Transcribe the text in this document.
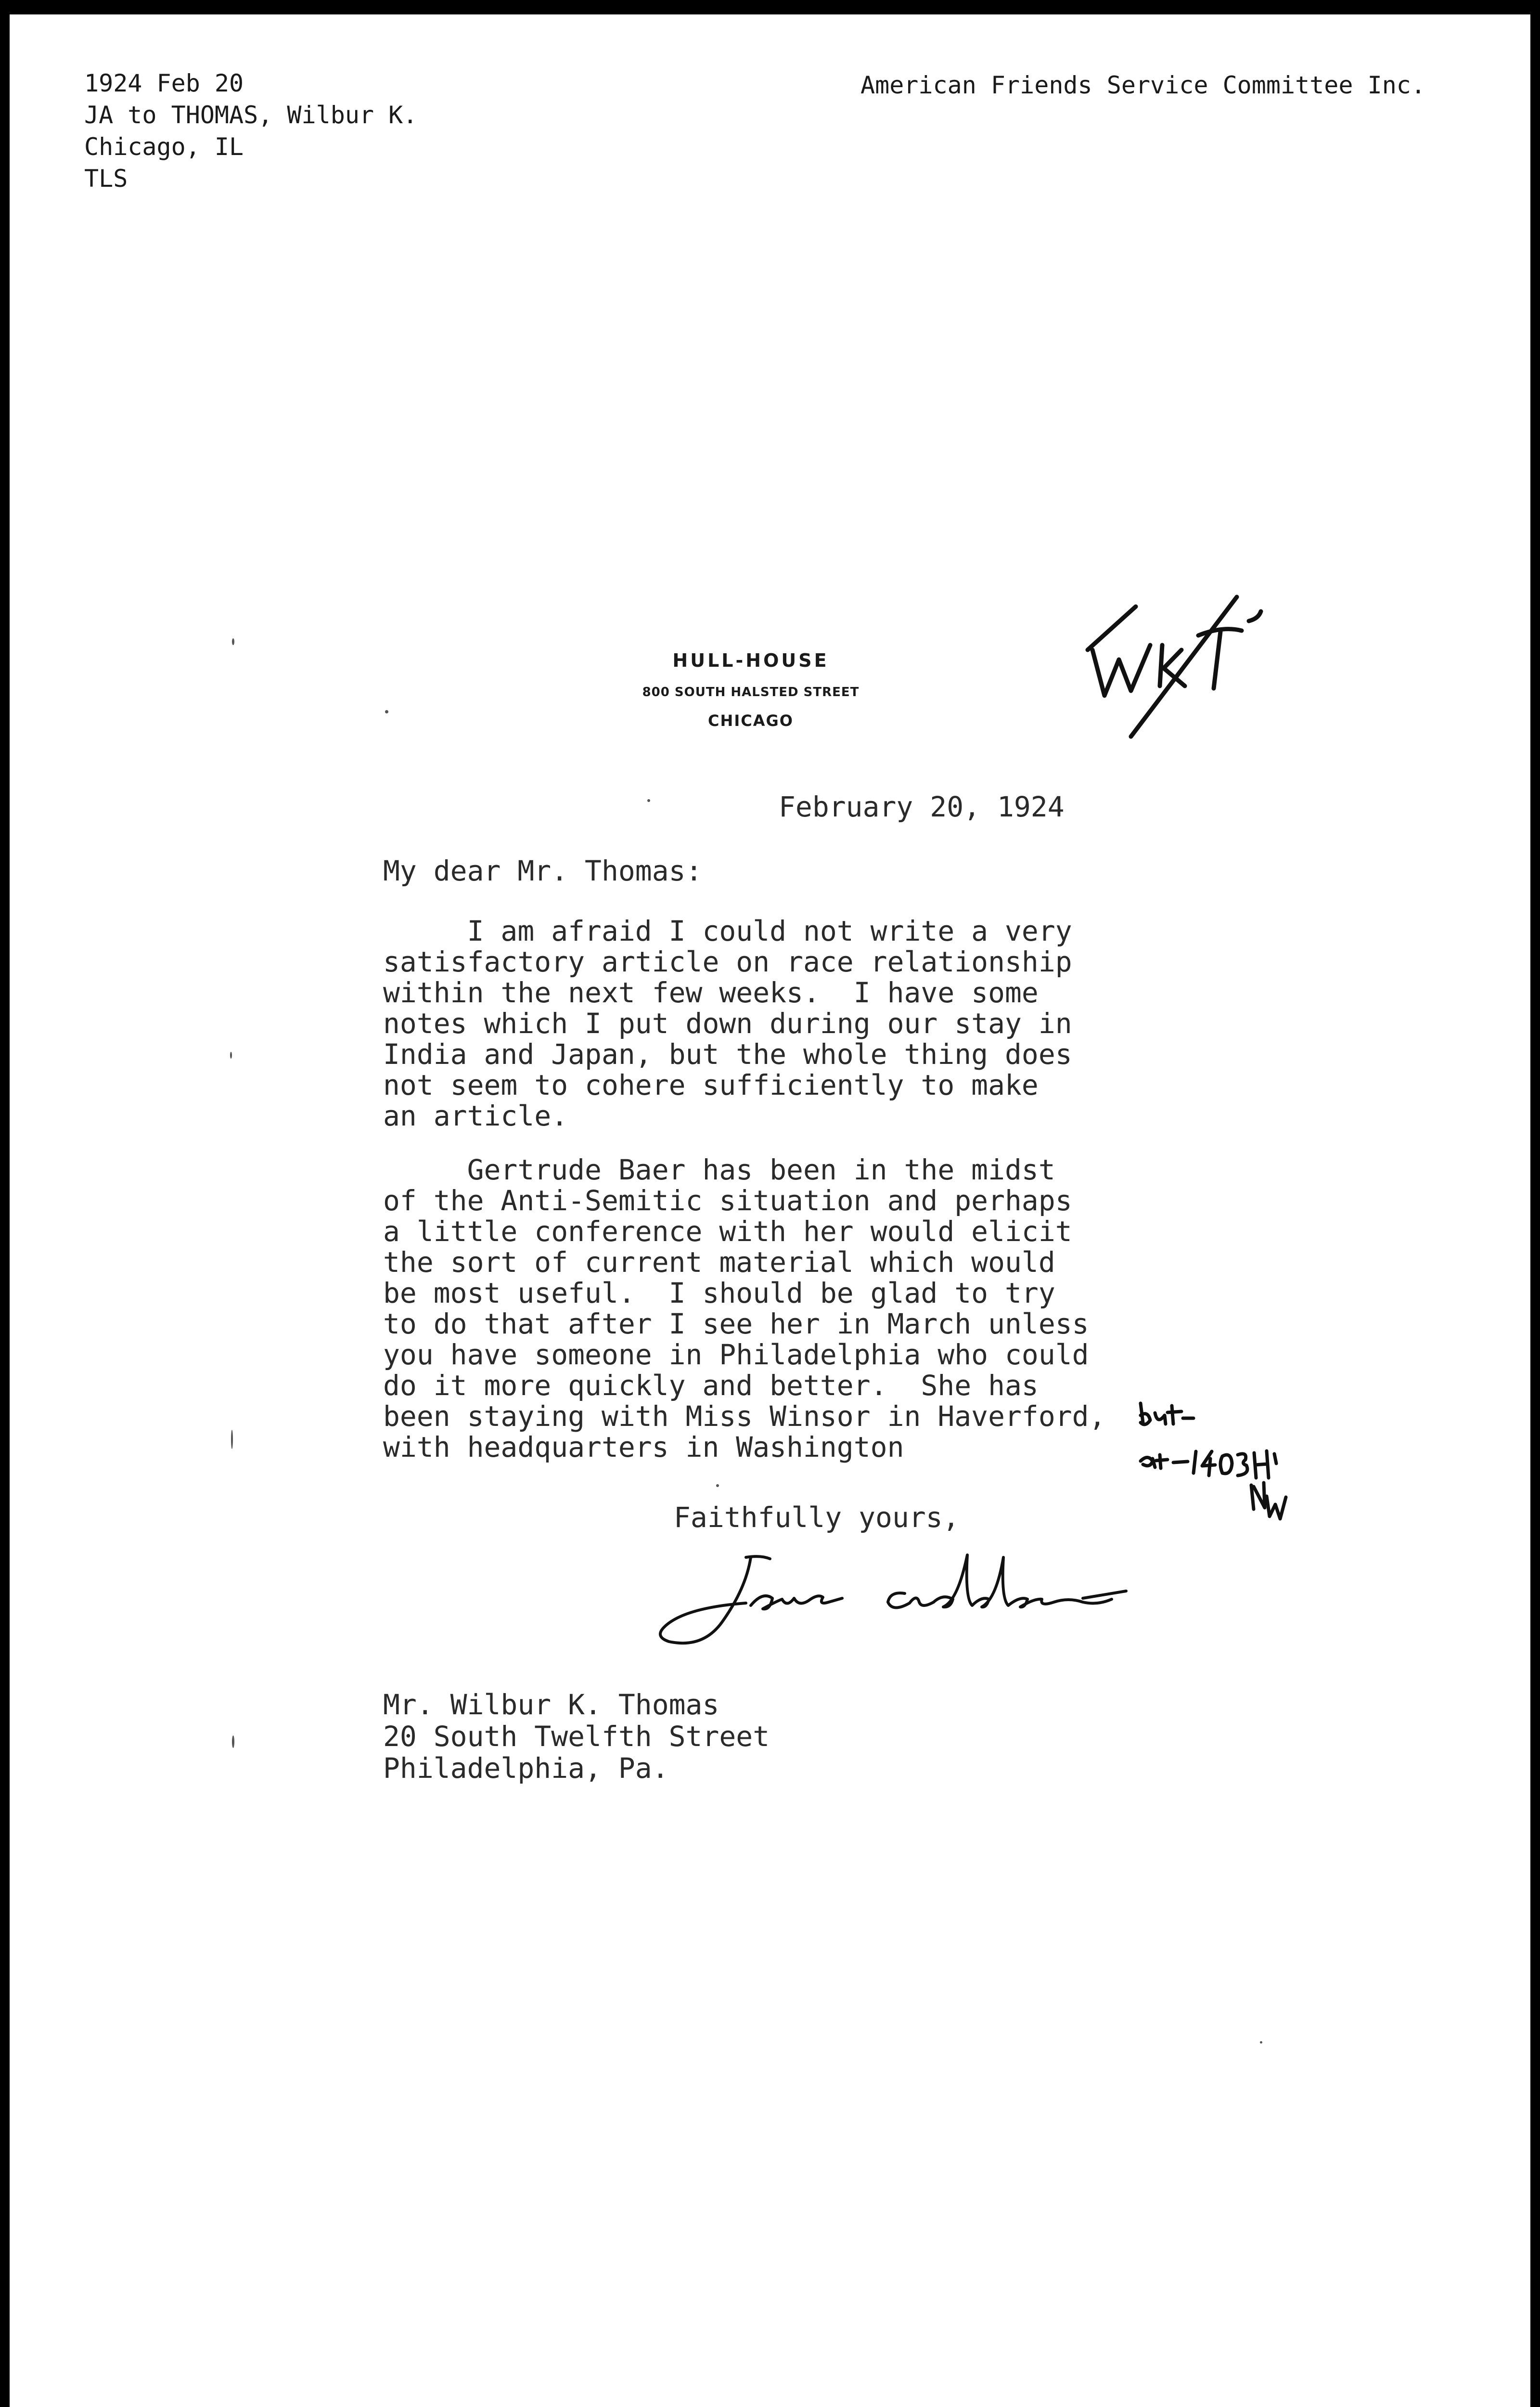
1924 Feb 20
JA to THOMAS, Wilbur K.
Chicago, IL
TLS
American Friends Service Committee Inc.
HULL-HOUSE
800 SOUTH HALSTED STREET
CHICAGO
February 20, 1924
My dear Mr. Thomas:
I am afraid I could not write a very
satisfactory article on race relationship
within the next few weeks.  I have some
notes which I put down during our stay in
India and Japan, but the whole thing does
not seem to cohere sufficiently to make
an article.
Gertrude Baer has been in the midst
of the Anti-Semitic situation and perhaps
a little conference with her would elicit
the sort of current material which would
be most useful.  I should be glad to try
to do that after I see her in March unless
you have someone in Philadelphia who could
do it more quickly and better.  She has
been staying with Miss Winsor in Haverford,
with headquarters in Washington
Faithfully yours,
Mr. Wilbur K. Thomas
20 South Twelfth Street
Philadelphia, Pa.
